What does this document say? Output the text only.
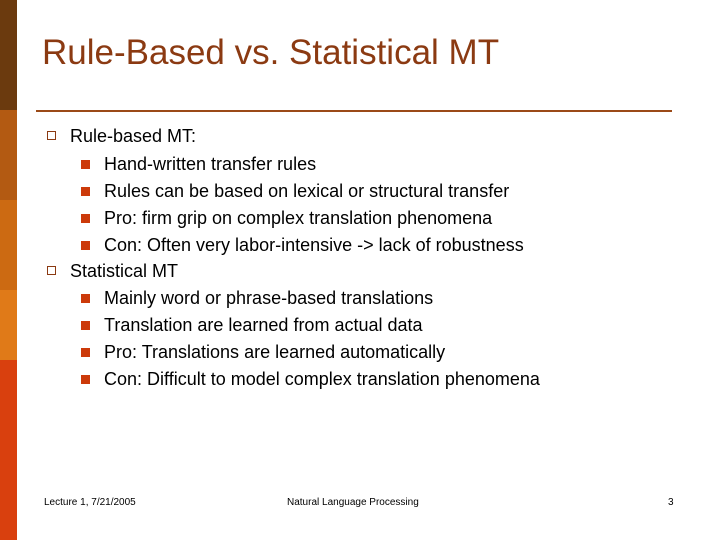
Rule-Based vs. Statistical MT
Rule-based MT:
Hand-written transfer rules
Rules can be based on lexical or structural transfer
Pro: firm grip on complex translation phenomena
Con: Often very labor-intensive -> lack of robustness
Statistical MT
Mainly word or phrase-based translations
Translation are learned from actual data
Pro: Translations are learned automatically
Con: Difficult to model complex translation phenomena
Lecture 1, 7/21/2005	Natural Language Processing	3
